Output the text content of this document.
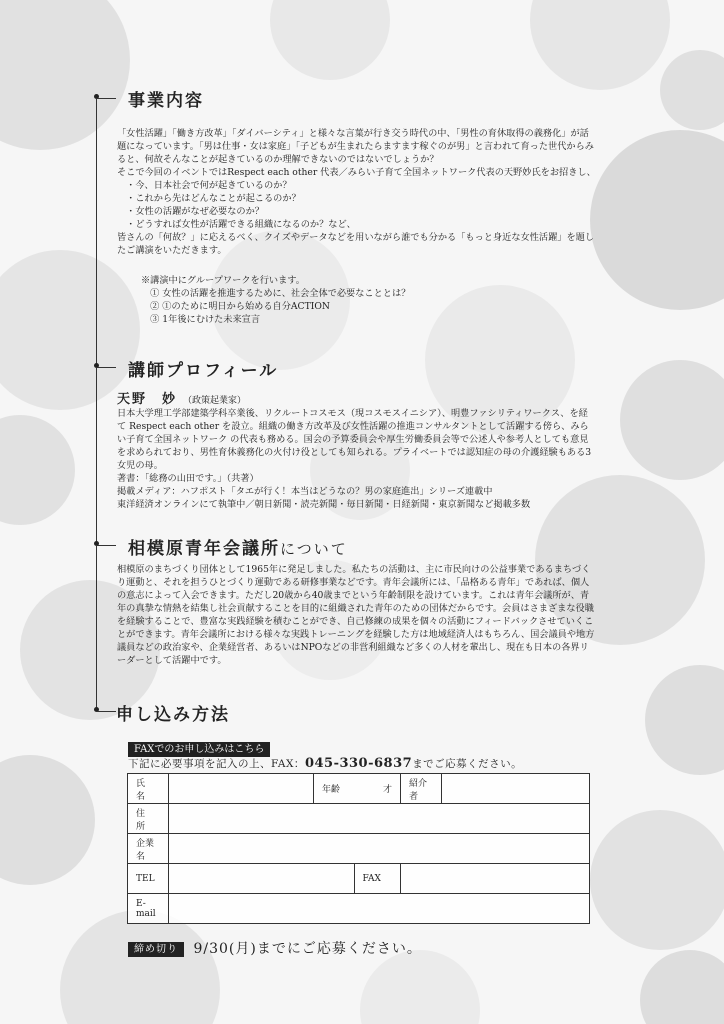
事業内容

「女性活躍」「働き方改革」「ダイバーシティ」と様々な言葉が行き交う時代の中、「男性の育休取得の義務化」が話題になっています。「男は仕事・女は家庭」「子どもが生まれたらますます稼ぐのが男」と言われて育った世代からみると、何故そんなことが起きているのか理解できないのではないでしょうか？
そこで今回のイベントではRespect each other 代表／みらい子育て全国ネットワーク代表の天野妙氏をお招きし、
　・今、日本社会で何が起きているのか？
　・これから先はどんなことが起こるのか？
　・女性の活躍がなぜ必要なのか？
　・どうすれば女性が活躍できる組織になるのか？など、
皆さんの「何故？」に応えるべく、クイズやデータなどを用いながら誰でも分かる「もっと身近な女性活躍」を題したご講演をいただきます。

※講演中にグループワークを行います。
　① 女性の活躍を推進するために、社会全体で必要なこととは？
　② ①のために明日から始める自分ACTION
　③ 1年後にむけた未来宣言

講師プロフィール
天野　妙 （政策起業家）
日本大学理工学部建築学科卒業後、リクルートコスモス（現コスモスイニシア）、明豊ファシリティワークス、を経て Respect each other を設立。組織の働き方改革及び女性活躍の推進コンサルタントとして活躍する傍ら、みらい子育て全国ネットワーク の代表も務める。国会の予算委員会や厚生労働委員会等で公述人や参考人としても意見を求められており、男性育休義務化の火付け役としても知られる。プライベートでは認知症の母の介護経験もある3女児の母。
著書：「総務の山田です。」（共著）
掲載メディア：ハフポスト「タエが行く！本当はどうなの？男の家庭進出」シリーズ連載中
東洋経済オンラインにて執筆中／朝日新聞・読売新聞・毎日新聞・日経新聞・東京新聞など掲載多数
相模原青年会議所について
相模原のまちづくり団体として1965年に発足しました。私たちの活動は、主に市民向けの公益事業であるまちづくり運動と、それを担うひとづくり運動である研修事業などです。青年会議所には、「品格ある青年」であれば、個人の意志によって入会できます。ただし20歳から40歳までという年齢制限を設けています。これは青年会議所が、青年の真摯な情熱を結集し社会貢献することを目的に組織された青年のための団体だからです。会員はさまざまな役職を経験することで、豊富な実践経験を積むことができ、自己修練の成果を個々の活動にフィードバックさせていくことができます。青年会議所における様々な実践トレーニングを経験した方は地域経済人はもちろん、国会議員や地方議員などの政治家や、企業経営者、あるいはNPOなどの非営利組織など多くの人材を輩出し、現在も日本の各界リーダーとして活躍中です。
申し込み方法
FAXでのお申し込みはこちら
下記に必要事項を記入の上、FAX：045-330-6837までご応募ください。
氏　名		年齢	才	紹介者	
住　所					
企業名					
TEL			FAX		
E-mail					
締め切り 9/30(月)までにご応募ください。
